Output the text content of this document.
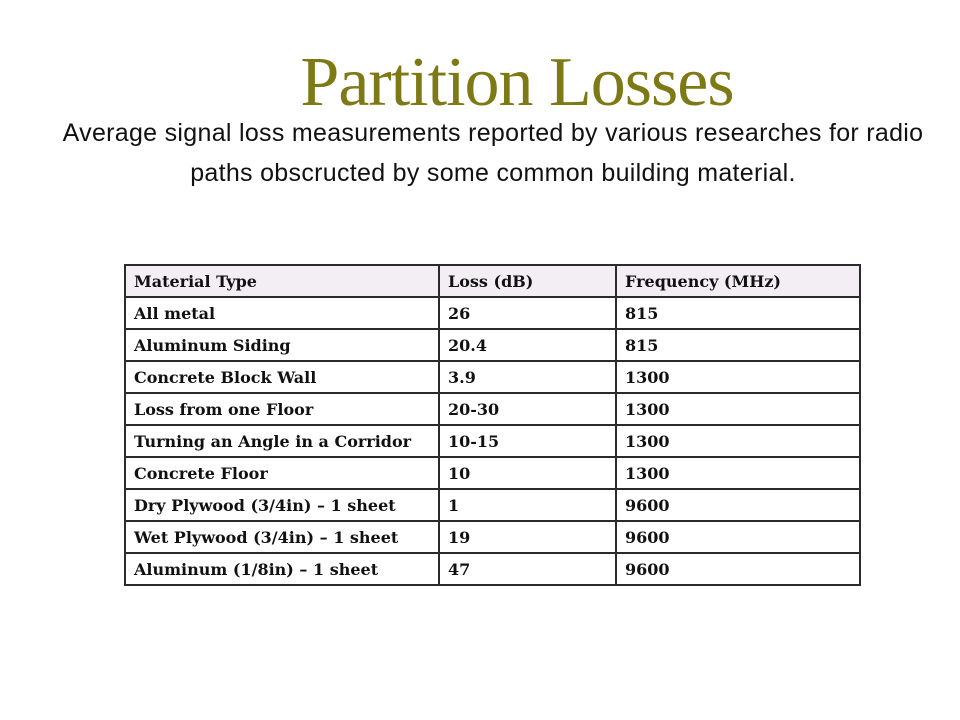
Partition Losses

Average signal loss measurements reported by various researches for radio paths obscructed by some common building material.

Material Type	Loss (dB)	Frequency (MHz)
All metal	26	815
Aluminum Siding	20.4	815
Concrete Block Wall	3.9	1300
Loss from one Floor	20-30	1300
Turning an Angle in a Corridor	10-15	1300
Concrete Floor	10	1300
Dry Plywood (3/4in) – 1 sheet	1	9600
Wet Plywood (3/4in) – 1 sheet	19	9600
Aluminum (1/8in) – 1 sheet	47	9600
